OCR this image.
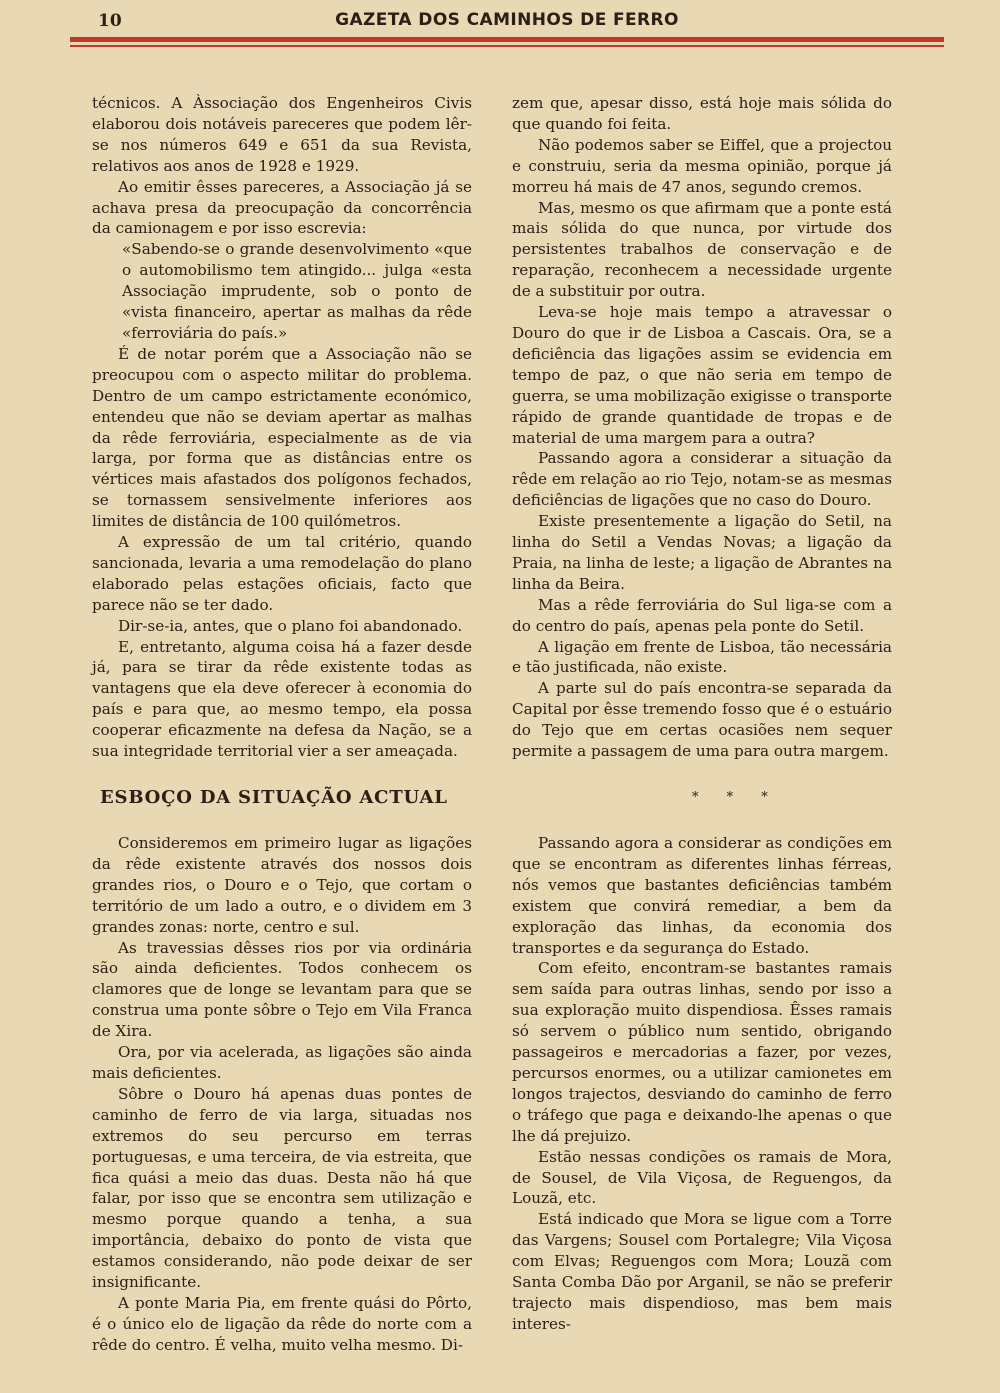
10	GAZETA DOS CAMINHOS DE FERRO

técnicos. A Àssociação dos Engenheiros Civis elaborou dois notáveis pareceres que podem lêr-se nos números 649 e 651 da sua Revista, relativos aos anos de 1928 e 1929.

Ao emitir êsses pareceres, a Associação já se achava presa da preocupação da concorrência da camionagem e por isso escrevia:

«Sabendo-se o grande desenvolvimento «que o automobilismo tem atingido... julga «esta Associação imprudente, sob o ponto de «vista financeiro, apertar as malhas da rêde «ferroviária do país.»

É de notar porém que a Associação não se preocupou com o aspecto militar do problema. Dentro de um campo estrictamente económico, entendeu que não se deviam apertar as malhas da rêde ferroviária, especialmente as de via larga, por forma que as distâncias entre os vértices mais afastados dos polígonos fechados, se tornassem sensivelmente inferiores aos limites de distância de 100 quilómetros.

A expressão de um tal critério, quando sancionada, levaria a uma remodelação do plano elaborado pelas estações oficiais, facto que parece não se ter dado.

Dir-se-ia, antes, que o plano foi abandonado.

E, entretanto, alguma coisa há a fazer desde já, para se tirar da rêde existente todas as vantagens que ela deve oferecer à economia do país e para que, ao mesmo tempo, ela possa cooperar eficazmente na defesa da Nação, se a sua integridade territorial vier a ser ameaçada.

zem que, apesar disso, está hoje mais sólida do que quando foi feita.

Não podemos saber se Eiffel, que a projectou e construiu, seria da mesma opinião, porque já morreu há mais de 47 anos, segundo cremos.

Mas, mesmo os que afirmam que a ponte está mais sólida do que nunca, por virtude dos persistentes trabalhos de conservação e de reparação, reconhecem a necessidade urgente de a substituir por outra.

Leva-se hoje mais tempo a atravessar o Douro do que ir de Lisboa a Cascais. Ora, se a deficiência das ligações assim se evidencia em tempo de paz, o que não seria em tempo de guerra, se uma mobilização exigisse o transporte rápido de grande quantidade de tropas e de material de uma margem para a outra?

Passando agora a considerar a situação da rêde em relação ao rio Tejo, notam-se as mesmas deficiências de ligações que no caso do Douro.

Existe presentemente a ligação do Setil, na linha do Setil a Vendas Novas; a ligação da Praia, na linha de leste; a ligação de Abrantes na linha da Beira.

Mas a rêde ferroviária do Sul liga-se com a do centro do país, apenas pela ponte do Setil.

A ligação em frente de Lisboa, tão necessária e tão justificada, não existe.

A parte sul do país encontra-se separada da Capital por êsse tremendo fosso que é o estuário do Tejo que em certas ocasiões nem sequer permite a passagem de uma para outra margem.

ESBOÇO DA SITUAÇÃO ACTUAL	* * *

Consideremos em primeiro lugar as ligações da rêde existente através dos nossos dois grandes rios, o Douro e o Tejo, que cortam o território de um lado a outro, e o dividem em 3 grandes zonas: norte, centro e sul.

As travessias dêsses rios por via ordinária são ainda deficientes. Todos conhecem os clamores que de longe se levantam para que se construa uma ponte sôbre o Tejo em Vila Franca de Xira.

Ora, por via acelerada, as ligações são ainda mais deficientes.

Sôbre o Douro há apenas duas pontes de caminho de ferro de via larga, situadas nos extremos do seu percurso em terras portuguesas, e uma terceira, de via estreita, que fica quási a meio das duas. Desta não há que falar, por isso que se encontra sem utilização e mesmo porque quando a tenha, a sua importância, debaixo do ponto de vista que estamos considerando, não pode deixar de ser insignificante.

A ponte Maria Pia, em frente quási do Pôrto, é o único elo de ligação da rêde do norte com a rêde do centro. É velha, muito velha mesmo. Di-

Passando agora a considerar as condições em que se encontram as diferentes linhas férreas, nós vemos que bastantes deficiências também existem que convirá remediar, a bem da exploração das linhas, da economia dos transportes e da segurança do Estado.

Com efeito, encontram-se bastantes ramais sem saída para outras linhas, sendo por isso a sua exploração muito dispendiosa. Êsses ramais só servem o público num sentido, obrigando passageiros e mercadorias a fazer, por vezes, percursos enormes, ou a utilizar camionetes em longos trajectos, desviando do caminho de ferro o tráfego que paga e deixando-lhe apenas o que lhe dá prejuizo.

Estão nessas condições os ramais de Mora, de Sousel, de Vila Viçosa, de Reguengos, da Louzã, etc.

Está indicado que Mora se ligue com a Torre das Vargens; Sousel com Portalegre; Vila Viçosa com Elvas; Reguengos com Mora; Louzã com Santa Comba Dão por Arganil, se não se preferir trajecto mais dispendioso, mas bem mais interes-
